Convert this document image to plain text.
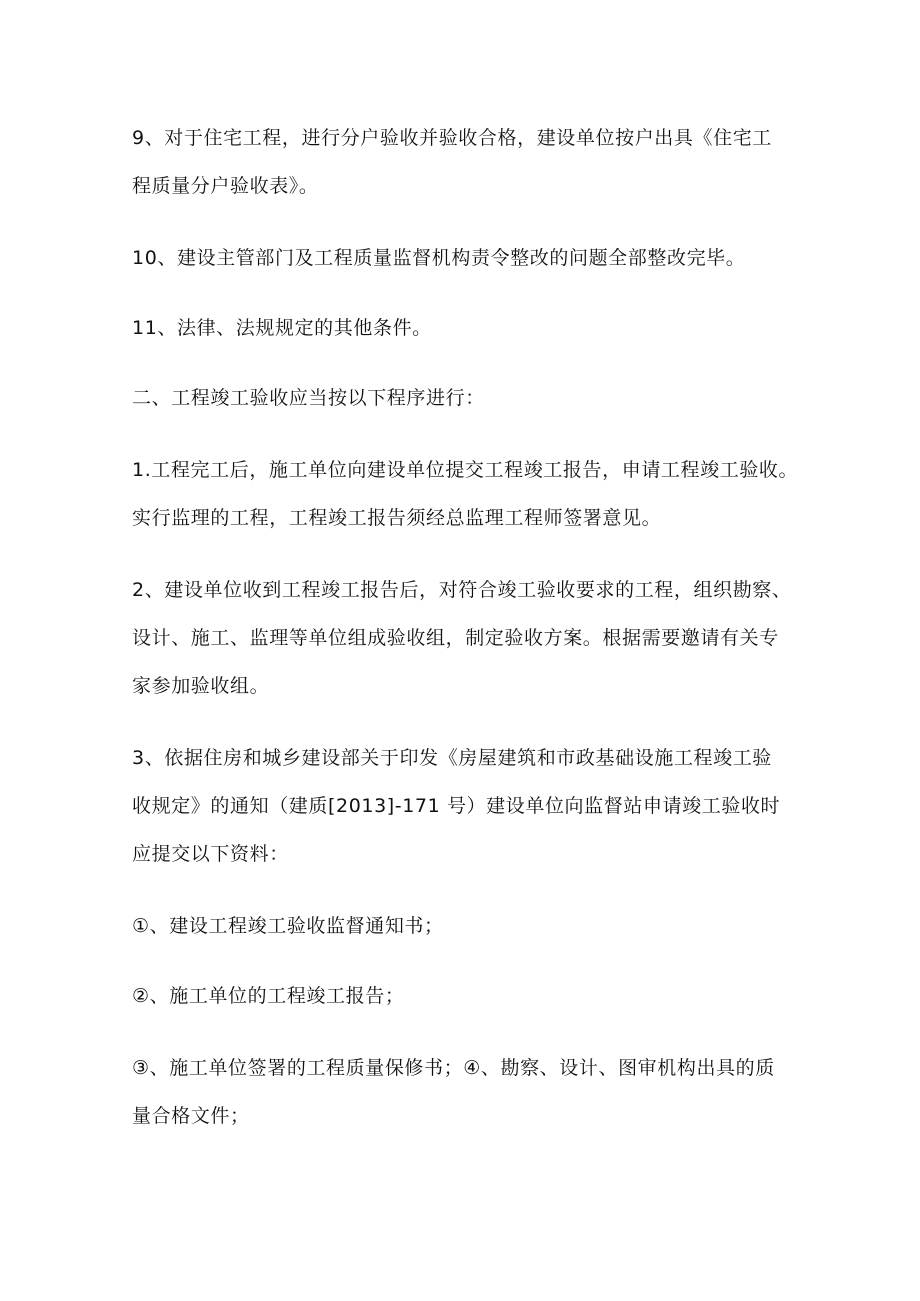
9、对于住宅工程，进行分户验收并验收合格，建设单位按户出具《住宅工
程质量分户验收表》。
10、建设主管部门及工程质量监督机构责令整改的问题全部整改完毕。
11、法律、法规规定的其他条件。
二、工程竣工验收应当按以下程序进行：
1.工程完工后，施工单位向建设单位提交工程竣工报告，申请工程竣工验收。
实行监理的工程，工程竣工报告须经总监理工程师签署意见。
2、建设单位收到工程竣工报告后，对符合竣工验收要求的工程，组织勘察、
设计、施工、监理等单位组成验收组，制定验收方案。根据需要邀请有关专
家参加验收组。
3、依据住房和城乡建设部关于印发《房屋建筑和市政基础设施工程竣工验
收规定》的通知（建质[2013]-171 号）建设单位向监督站申请竣工验收时
应提交以下资料：
①、建设工程竣工验收监督通知书；
②、施工单位的工程竣工报告；
③、施工单位签署的工程质量保修书；④、勘察、设计、图审机构出具的质
量合格文件；
